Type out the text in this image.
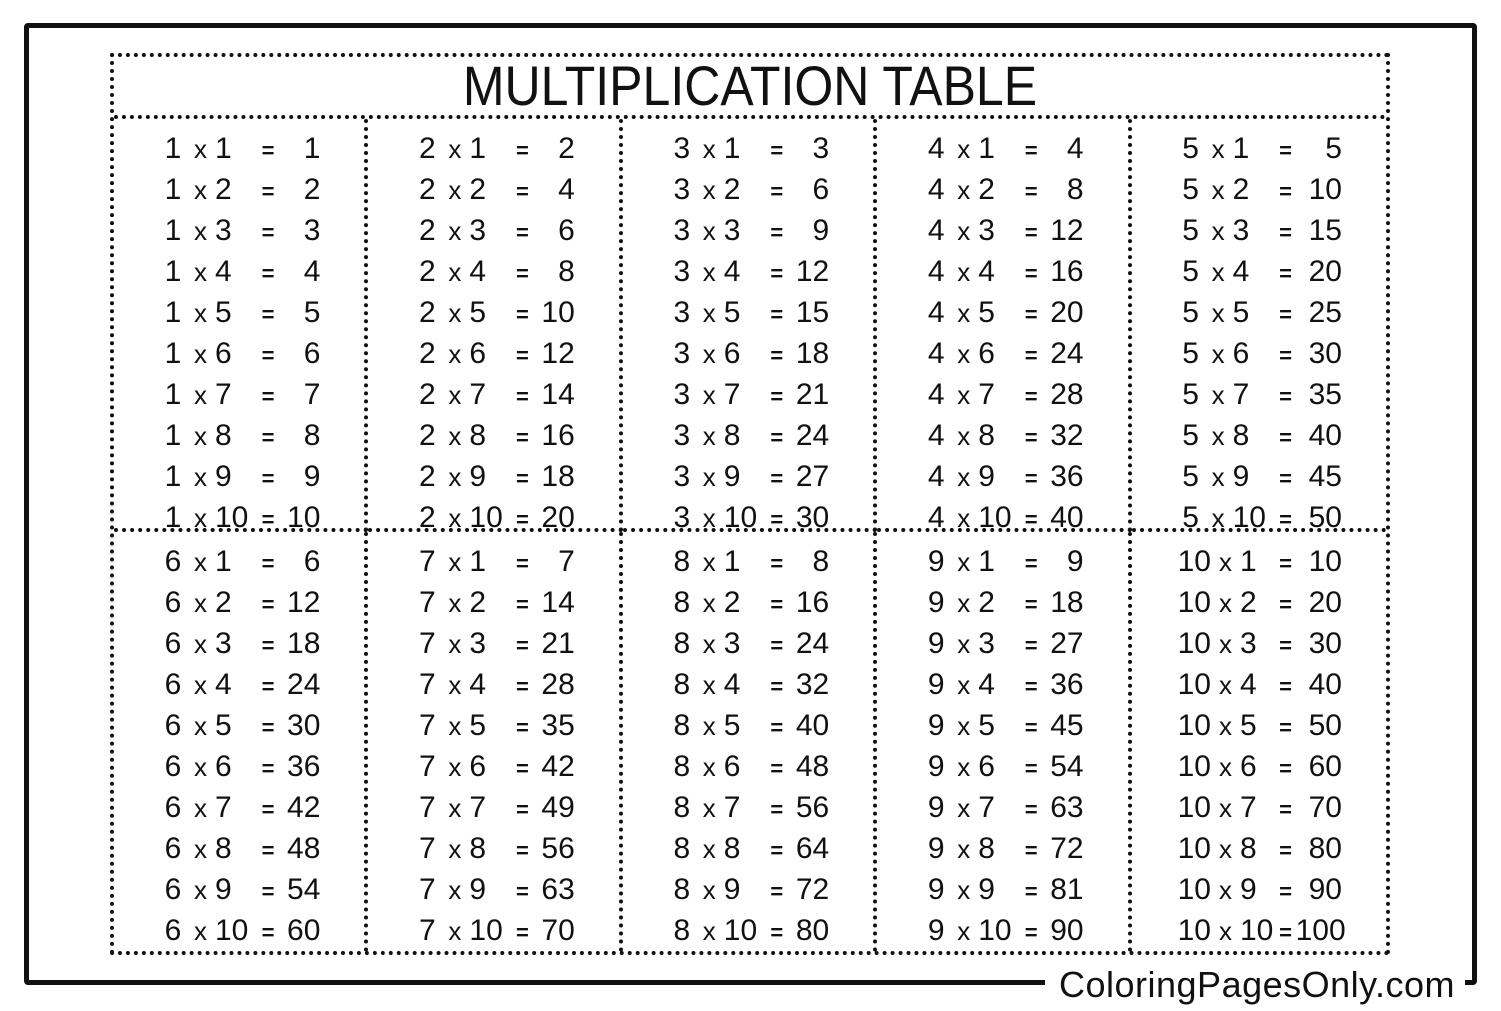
MULTIPLICATION TABLE
1 x 1 = 1
1 x 2 = 2
1 x 3 = 3
1 x 4 = 4
1 x 5 = 5
1 x 6 = 6
1 x 7 = 7
1 x 8 = 8
1 x 9 = 9
1 x 10 = 10
2 x 1 = 2
2 x 2 = 4
2 x 3 = 6
2 x 4 = 8
2 x 5 = 10
2 x 6 = 12
2 x 7 = 14
2 x 8 = 16
2 x 9 = 18
2 x 10 = 20
3 x 1 = 3
3 x 2 = 6
3 x 3 = 9
3 x 4 = 12
3 x 5 = 15
3 x 6 = 18
3 x 7 = 21
3 x 8 = 24
3 x 9 = 27
3 x 10 = 30
4 x 1 = 4
4 x 2 = 8
4 x 3 = 12
4 x 4 = 16
4 x 5 = 20
4 x 6 = 24
4 x 7 = 28
4 x 8 = 32
4 x 9 = 36
4 x 10 = 40
5 x 1 =	5
5 x 2 = 10
5 x 3 = 15
5 x 4 = 20
5 x 5 = 25
5 x 6 = 30
5 x 7 = 35
5 x 8 = 40
5 x 9 = 45
5 x 10 = 50
6 x 1 = 6
6 x 2 = 12
6 x 3 = 18
6 x 4 = 24
6 x 5 = 30
6 x 6 = 36
6 x 7 = 42
6 x 8 = 48
6 x 9 = 54
6 x 10 = 60
7 x 1 = 7
7 x 2 = 14
7 x 3 = 21
7 x 4 = 28
7 x 5 = 35
7 x 6 = 42
7 x 7 = 49
7 x 8 = 56
7 x 9 = 63
7 x 10 = 70
8 x 1 = 8
8 x 2 = 16
8 x 3 = 24
8 x 4 = 32
8 x 5 = 40
8 x 6 = 48
8 x 7 = 56
8 x 8 = 64
8 x 9 = 72
8 x 10 = 80
9 x 1 = 9
9 x 2 = 18
9 x 3 = 27
9 x 4 = 36
9 x 5 = 45
9 x 6 = 54
9 x 7 = 63
9 x 8 = 72
9 x 9 = 81
9 x 10 = 90
10 x 1 = 10
10 x 2 = 20
10 x 3 = 30
10 x 4 = 40
10 x 5 = 50
10 x 6 = 60
10 x 7 = 70
10 x 8 = 80
10 x 9 = 90
10 x 10 = 100
ColoringPagesOnly.com
